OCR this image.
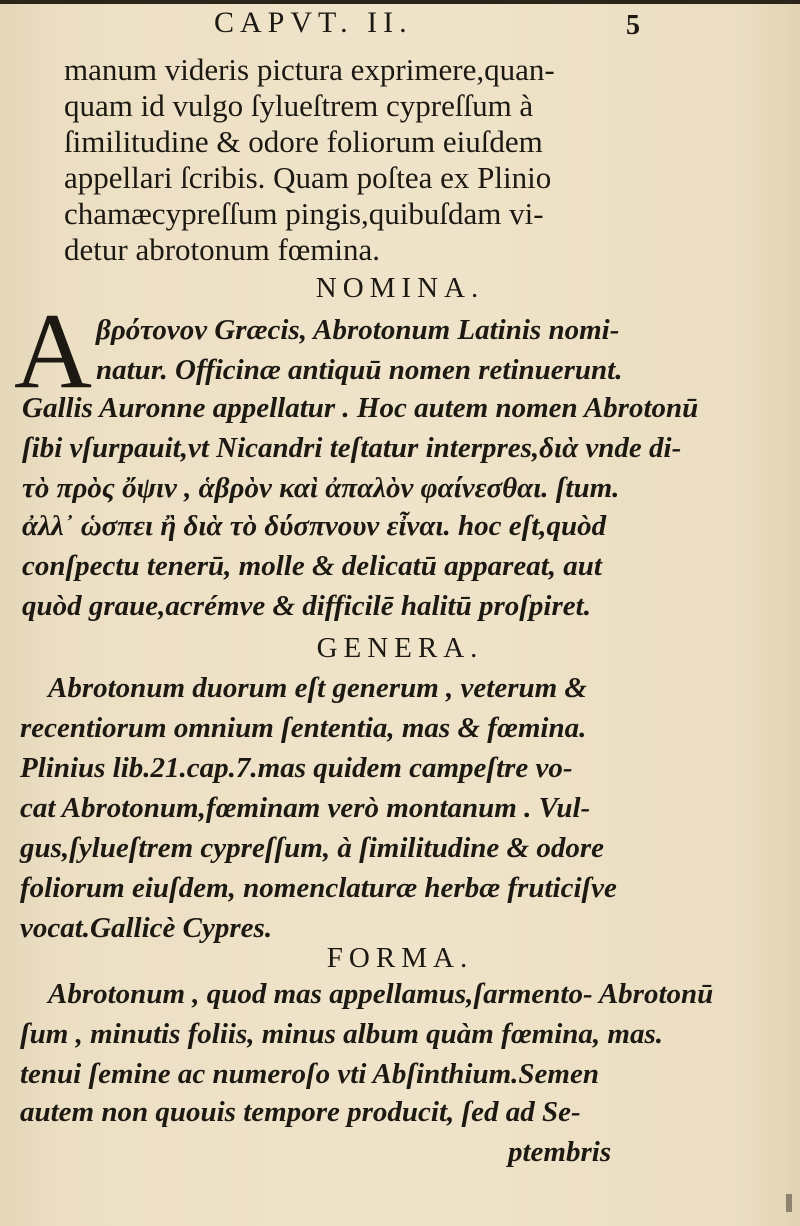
CAPVT. II.	5
manum videris pictura exprimere,quan-
quam id vulgo ſylueſtrem cypreſſum à
ſimilitudine & odore foliorum eiuſdem
appellari ſcribis. Quam poſtea ex Plinio
chamæcypreſſum pingis,quibuſdam vi-
detur abrotonum fœmina.
NOMINA.
A βρότονον Græcis, Abrotonum Latinis nomi-
natur. Officinæ antiquū nomen retinuerunt.
Gallis Auronne appellatur . Hoc autem nomen Abrotonū
ſibi vſurpauit,vt Nicandri teſtatur interpres,διὰ vnde di-
τὸ πρὸς ὄψιν , ἁβρὸν καὶ ἀπαλὸν φαίνεσθαι. ſtum.
ἀλλ᾽ ὡσπει ἢ διὰ τὸ δύσπνουν εἶναι. hoc eſt,quòd
conſpectu tenerū, molle & delicatū appareat, aut
quòd graue,acrémve & difficilē halitū proſpiret.
GENERA.
Abrotonum duorum eſt generum , veterum &
recentiorum omnium ſententia, mas & fœmina.
Plinius lib.21.cap.7.mas quidem campeſtre vo-
cat Abrotonum,fœminam verò montanum . Vul-
gus,ſylueſtrem cypreſſum, à ſimilitudine & odore
foliorum eiuſdem, nomenclaturæ herbæ fruticiſve
vocat.Gallicè Cypres.
FORMA.
Abrotonum , quod mas appellamus,ſarmento- Abrotonū
ſum , minutis foliis, minus album quàm fœmina, mas.
tenui ſemine ac numeroſo vti Abſinthium.Semen
autem non quouis tempore producit, ſed ad Se-
ptembris
